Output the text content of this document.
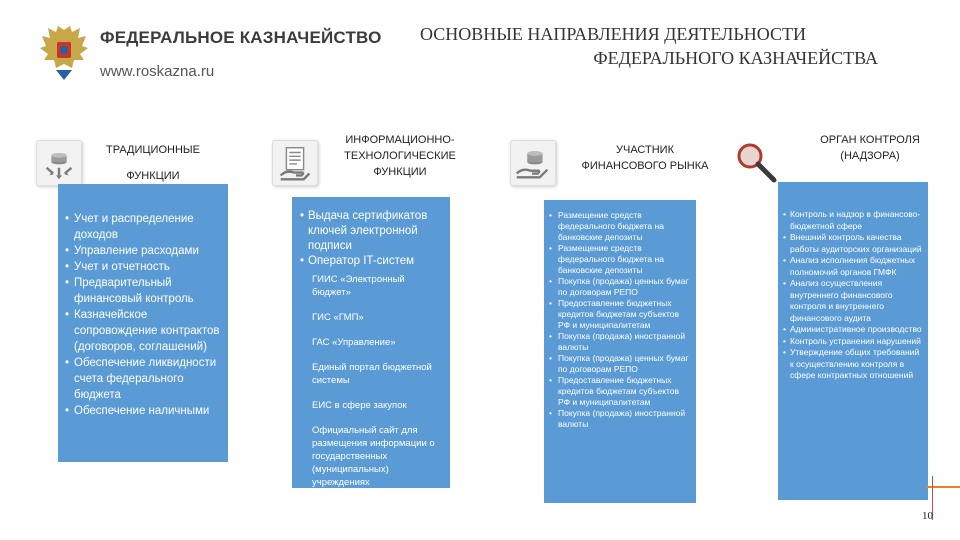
ФЕДЕРАЛЬНОЕ КАЗНАЧЕЙСТВО
www.roskazna.ru
ОСНОВНЫЕ НАПРАВЛЕНИЯ ДЕЯТЕЛЬНОСТИ
ФЕДЕРАЛЬНОГО КАЗНАЧЕЙСТВА
ТРАДИЦИОННЫЕ
ФУНКЦИИ
• Учет и распределение доходов
• Управление расходами
• Учет и отчетность
• Предварительный финансовый контроль
• Казначейское сопровождение контрактов (договоров, соглашений)
• Обеспечение ликвидности счета федерального бюджета
• Обеспечение наличными
ИНФОРМАЦИОННО-
ТЕХНОЛОГИЧЕСКИЕ
ФУНКЦИИ
• Выдача сертификатов ключей электронной подписи
• Оператор IT-систем
ГИИС «Электронный бюджет»
ГИС «ГМП»
ГАС «Управление»
Единый портал бюджетной системы
ЕИС в сфере закупок
Официальный сайт для размещения информации о государственных (муниципальных) учреждениях
УЧАСТНИК
ФИНАНСОВОГО РЫНКА
• Размещение средств федерального бюджета на банковские депозиты
• Размещение средств федерального бюджета на банковские депозиты
• Покупка (продажа) ценных бумаг по договорам РЕПО
• Предоставление бюджетных кредитов бюджетам субъектов РФ и муниципалитетам
• Покупка (продажа) иностранной валюты
• Покупка (продажа) ценных бумаг по договорам РЕПО
• Предоставление бюджетных кредитов бюджетам субъектов РФ и муниципалитетам
• Покупка (продажа) иностранной валюты
ОРГАН КОНТРОЛЯ
(НАДЗОРА)
• Контроль и надзор в финансово-бюджетной сфере
• Внешний контроль качества работы аудиторских организаций
• Анализ исполнения бюджетных полномочий органов ГМФК
• Анализ осуществления внутреннего финансового контроля и внутреннего финансового аудита
• Административное производство
• Контроль устранения нарушений
• Утверждение общих требований к осуществлению контроля в сфере контрактных отношений
10
